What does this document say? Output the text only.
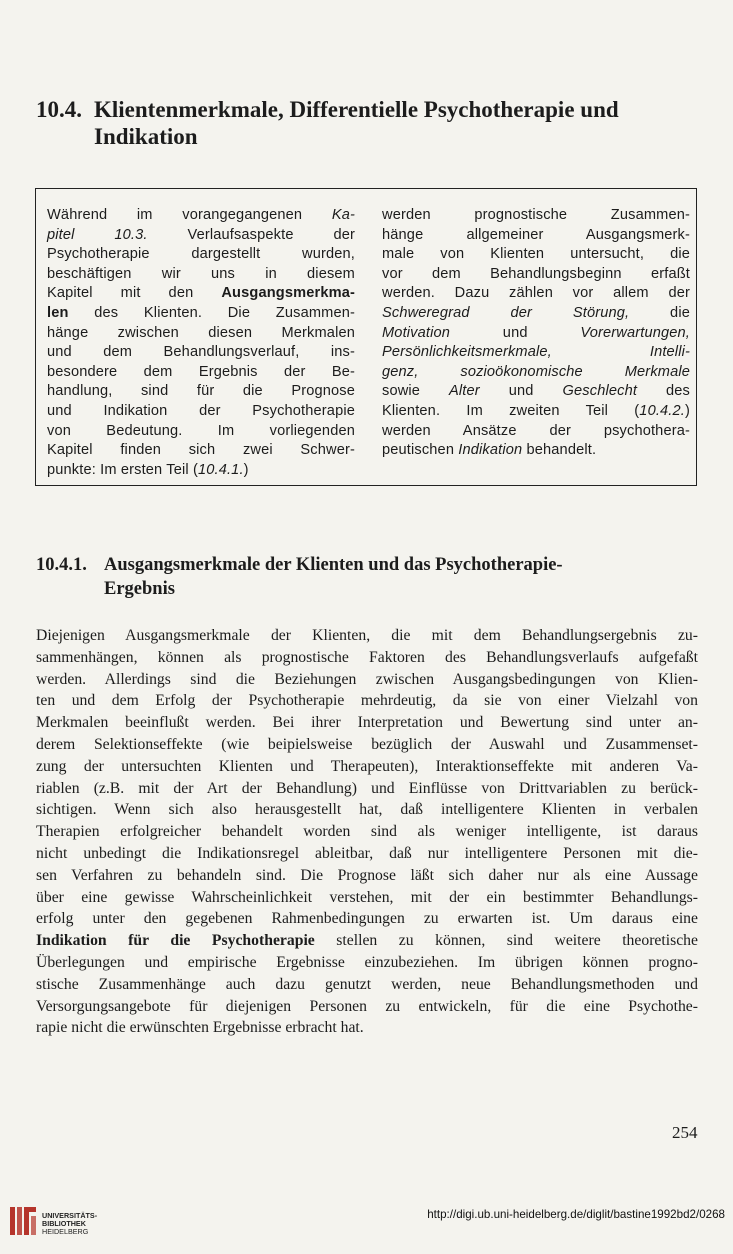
10.4. Klientenmerkmale, Differentielle Psychotherapie und
Indikation
Während im vorangegangenen Ka-
pitel 10.3. Verlaufsaspekte der
Psychotherapie dargestellt wurden,
beschäftigen wir uns in diesem
Kapitel mit den Ausgangsmerkma-
len des Klienten. Die Zusammen-
hänge zwischen diesen Merkmalen
und dem Behandlungsverlauf, ins-
besondere dem Ergebnis der Be-
handlung, sind für die Prognose
und Indikation der Psychotherapie
von Bedeutung. Im vorliegenden
Kapitel finden sich zwei Schwer-
punkte: Im ersten Teil (10.4.1.)
werden prognostische Zusammen-
hänge allgemeiner Ausgangsmerk-
male von Klienten untersucht, die
vor dem Behandlungsbeginn erfaßt
werden. Dazu zählen vor allem der
Schweregrad der Störung, die
Motivation und Vorerwartungen,
Persönlichkeitsmerkmale, Intelli-
genz, sozioökonomische Merkmale
sowie Alter und Geschlecht des
Klienten. Im zweiten Teil (10.4.2.)
werden Ansätze der psychothera-
peutischen Indikation behandelt.
10.4.1. Ausgangsmerkmale der Klienten und das Psychotherapie-
Ergebnis

Diejenigen Ausgangsmerkmale der Klienten, die mit dem Behandlungsergebnis zu-

sammenhängen, können als prognostische Faktoren des Behandlungsverlaufs aufgefaßt

werden. Allerdings sind die Beziehungen zwischen Ausgangsbedingungen von Klien-

ten und dem Erfolg der Psychotherapie mehrdeutig, da sie von einer Vielzahl von

Merkmalen beeinflußt werden. Bei ihrer Interpretation und Bewertung sind unter an-

derem Selektionseffekte (wie beipielsweise bezüglich der Auswahl und Zusammenset-

zung der untersuchten Klienten und Therapeuten), Interaktionseffekte mit anderen Va-

riablen (z.B. mit der Art der Behandlung) und Einflüsse von Drittvariablen zu berück-

sichtigen. Wenn sich also herausgestellt hat, daß intelligentere Klienten in verbalen

Therapien erfolgreicher behandelt worden sind als weniger intelligente, ist daraus

nicht unbedingt die Indikationsregel ableitbar, daß nur intelligentere Personen mit die-

sen Verfahren zu behandeln sind. Die Prognose läßt sich daher nur als eine Aussage

über eine gewisse Wahrscheinlichkeit verstehen, mit der ein bestimmter Behandlungs-

erfolg unter den gegebenen Rahmenbedingungen zu erwarten ist. Um daraus eine

Indikation für die Psychotherapie stellen zu können, sind weitere theoretische

Überlegungen und empirische Ergebnisse einzubeziehen. Im übrigen können progno-

stische Zusammenhänge auch dazu genutzt werden, neue Behandlungsmethoden und

Versorgungsangebote für diejenigen Personen zu entwickeln, für die eine Psychothe-

rapie nicht die erwünschten Ergebnisse erbracht hat.

254
UNIVERSITÄTS-
BIBLIOTHEK
HEIDELBERG
http://digi.ub.uni-heidelberg.de/diglit/bastine1992bd2/0268
